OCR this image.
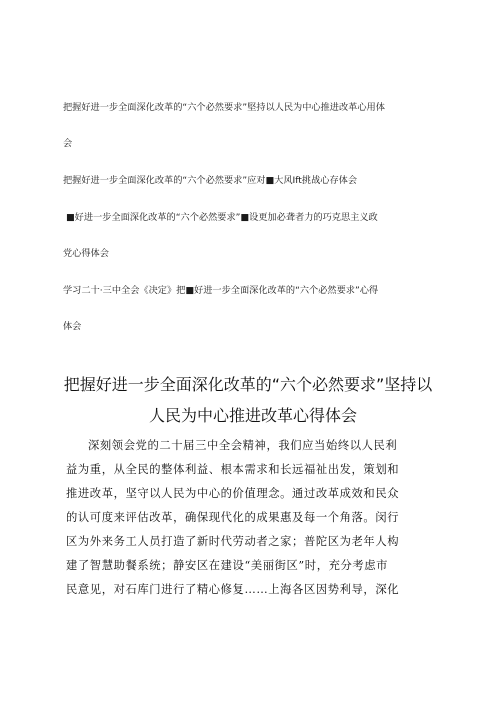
把握好进一步全面深化改革的“六个必然要求”堅持以人民为中心推进改革心用体
会
把握好进一步全面深化改革的“六个必然要求”应对■大风Ift挑战心存体会
■好进一步全面深化改革的“六个必然要求”■设更加必聋者力的巧克思主义政
党心得体会
学习二十·三中全会《决定》把■好进一步全面深化改革的“六个必然要求”心得
体会
把握好进一步全面深化改革的“六个必然要求”坚持以
人民为中心推进改革心得体会
深刻领会党的二十届三中全会精神，我们应当始终以人民利
益为重，从全民的整体利益、根本需求和长远福祉出发，策划和
推进改革，坚守以人民为中心的价值理念。通过改革成效和民众
的认可度来评估改革，确保现代化的成果惠及每一个角落。闵行
区为外来务工人员打造了新时代劳动者之家；普陀区为老年人构
建了智慧助餐系统；静安区在建设“美丽街区”时，充分考虑市
民意见，对石库门进行了精心修复……上海各区因势利导，深化
